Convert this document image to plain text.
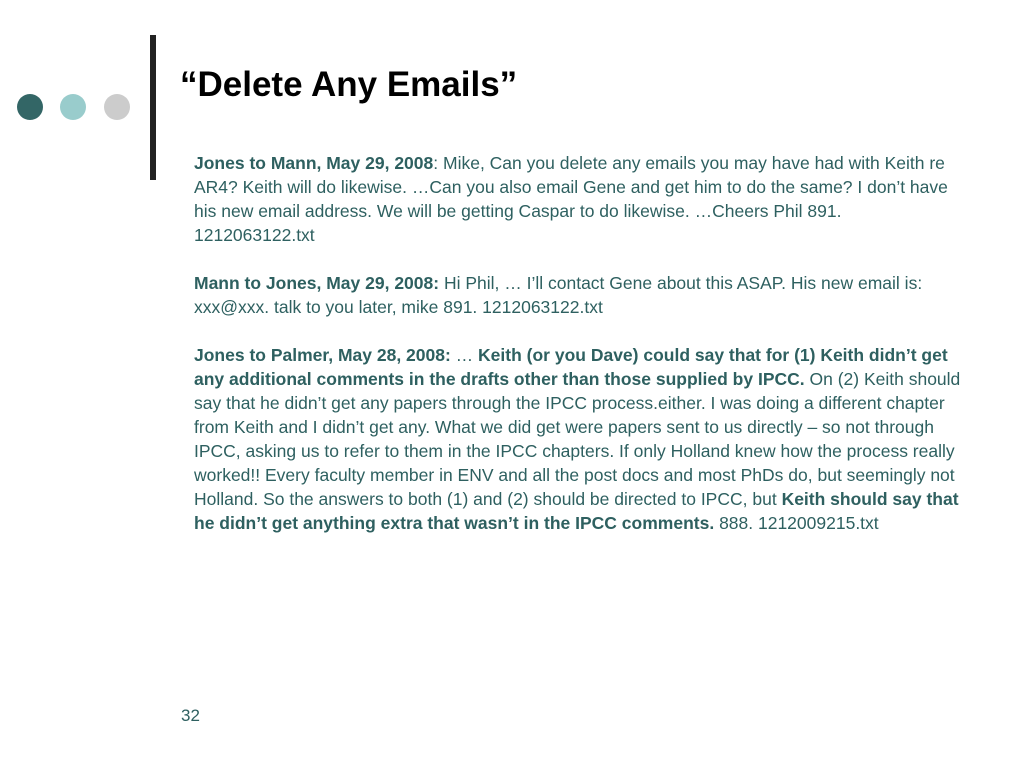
“Delete Any Emails”

Jones to Mann, May 29, 2008: Mike, Can you delete any emails you may have had with Keith re AR4? Keith will do likewise. …Can you also email Gene and get him to do the same? I don’t have his new email address. We will be getting Caspar to do likewise. …Cheers Phil 891. 1212063122.txt

Mann to Jones, May 29, 2008: Hi Phil, … I’ll contact Gene about this ASAP. His new email is: xxx@xxx. talk to you later, mike 891. 1212063122.txt

Jones to Palmer, May 28, 2008: … Keith (or you Dave) could say that for (1) Keith didn’t get any additional comments in the drafts other than those supplied by IPCC. On (2) Keith should say that he didn’t get any papers through the IPCC process.either. I was doing a different chapter from Keith and I didn’t get any. What we did get were papers sent to us directly – so not through IPCC, asking us to refer to them in the IPCC chapters. If only Holland knew how the process really worked!! Every faculty member in ENV and all the post docs and most PhDs do, but seemingly not Holland. So the answers to both (1) and (2) should be directed to IPCC, but Keith should say that he didn’t get anything extra that wasn’t in the IPCC comments. 888. 1212009215.txt

32
